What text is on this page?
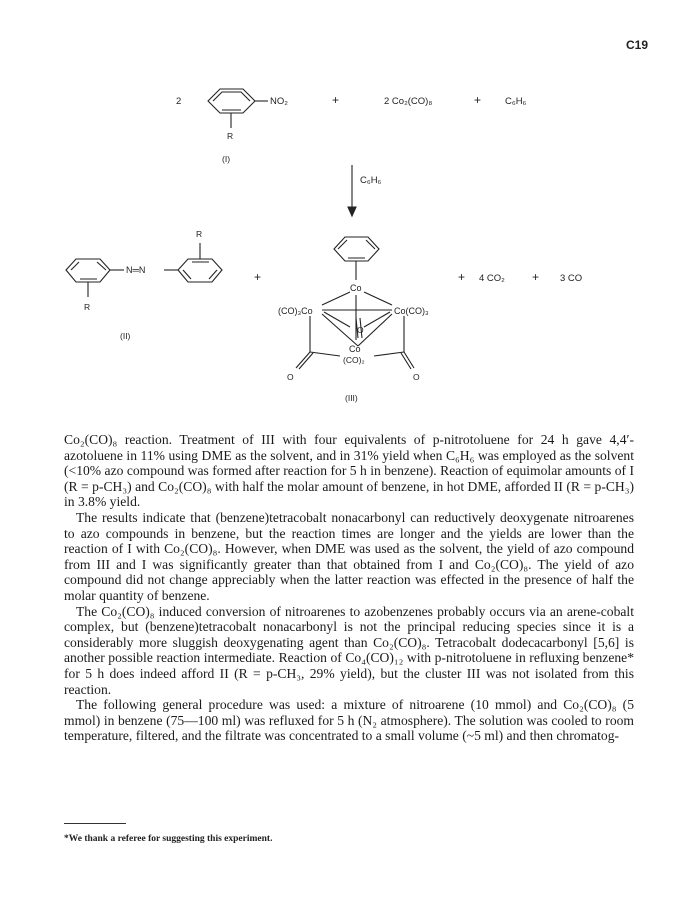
C19
2	NO₂	+	2 Co₂(CO)₈	+	C₆H₆
R
(I)
C₆H₆
R
N═N
R
(II)
+
Co
(CO)₃Co	Co(CO)₃
Co
(CO)₂
O
O
O
(III)
+ 4 CO₂ + 3 CO

Co₂(CO)₈ reaction. Treatment of III with four equivalents of p-nitrotoluene for 24 h gave 4,4′-azotoluene in 11% using DME as the solvent, and in 31% yield when C₆H₆ was employed as the solvent (<10% azo compound was formed after reaction for 5 h in benzene). Reaction of equimolar amounts of I (R = p-CH₃) and Co₂(CO)₈ with half the molar amount of benzene, in hot DME, afforded II (R = p-CH₃) in 3.8% yield.

The results indicate that (benzene)tetracobalt nonacarbonyl can reductively deoxygenate nitroarenes to azo compounds in benzene, but the reaction times are longer and the yields are lower than the reaction of I with Co₂(CO)₈. However, when DME was used as the solvent, the yield of azo compound from III and I was significantly greater than that obtained from I and Co₂(CO)₈. The yield of azo compound did not change appreciably when the latter reaction was effected in the presence of half the molar quantity of benzene.

The Co₂(CO)₈ induced conversion of nitroarenes to azobenzenes probably occurs via an arene-cobalt complex, but (benzene)tetracobalt nonacarbonyl is not the principal reducing species since it is a considerably more sluggish deoxygenating agent than Co₂(CO)₈. Tetracobalt dodecacarbonyl [5,6] is another possible reaction intermediate. Reaction of Co₄(CO)₁₂ with p-nitrotoluene in refluxing benzene* for 5 h does indeed afford II (R = p-CH₃, 29% yield), but the cluster III was not isolated from this reaction.

The following general procedure was used: a mixture of nitroarene (10 mmol) and Co₂(CO)₈ (5 mmol) in benzene (75—100 ml) was refluxed for 5 h (N₂ atmosphere). The solution was cooled to room temperature, filtered, and the filtrate was concentrated to a small volume (~5 ml) and then chromatog-

*We thank a referee for suggesting this experiment.
